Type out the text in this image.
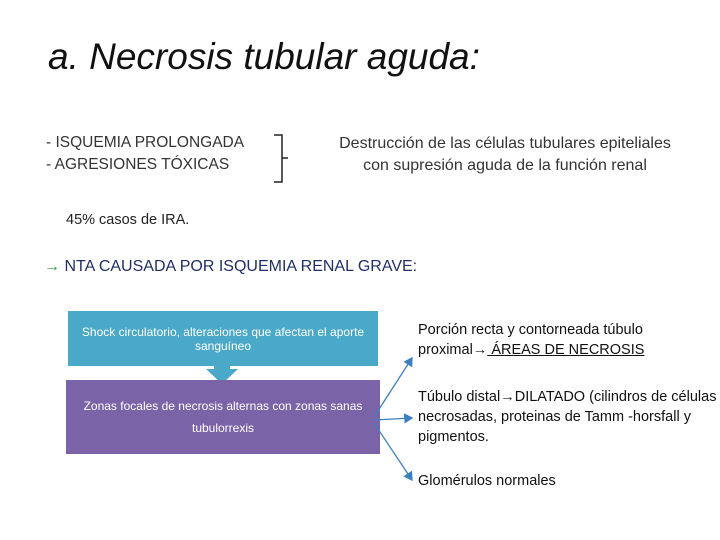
a. Necrosis tubular aguda:
- ISQUEMIA PROLONGADA
- AGRESIONES TÓXICAS
Destrucción de las células tubulares epiteliales
con supresión aguda de la función renal
45% casos de IRA.
→ NTA CAUSADA POR ISQUEMIA RENAL GRAVE:
Shock circulatorio, alteraciones que afectan el aporte sanguíneo
Zonas focales de necrosis alternas con zonas sanas tubulorrexis
Porción recta y contorneada túbulo
proximal→ ÁREAS DE NECROSIS
Túbulo distal→DILATADO (cilindros de células necrosadas, proteinas de Tamm -horsfall y pigmentos.
Glomérulos normales
